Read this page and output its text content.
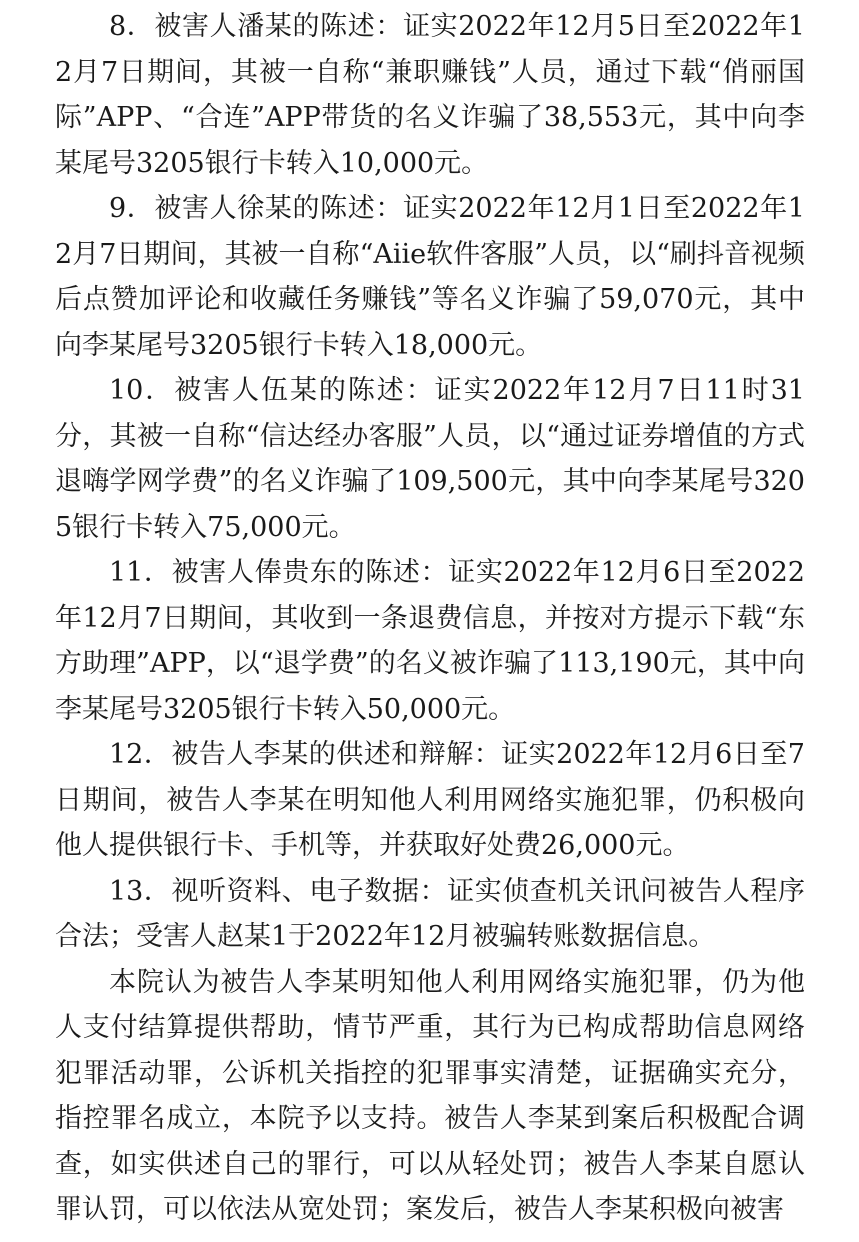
8．被害人潘某的陈述：证实2022年12月5日至2022年12月7日期间，其被一自称“兼职赚钱”人员，通过下载“俏丽国际”APP、“合连”APP带货的名义诈骗了38,553元，其中向李某尾号3205银行卡转入10,000元。

9．被害人徐某的陈述：证实2022年12月1日至2022年12月7日期间，其被一自称“Aiie软件客服”人员，以“刷抖音视频后点赞加评论和收藏任务赚钱”等名义诈骗了59,070元，其中向李某尾号3205银行卡转入18,000元。

10．被害人伍某的陈述：证实2022年12月7日11时31分，其被一自称“信达经办客服”人员，以“通过证券增值的方式退嗨学网学费”的名义诈骗了109,500元，其中向李某尾号3205银行卡转入75,000元。

11．被害人俸贵东的陈述：证实2022年12月6日至2022年12月7日期间，其收到一条退费信息，并按对方提示下载“东方助理”APP，以“退学费”的名义被诈骗了113,190元，其中向李某尾号3205银行卡转入50,000元。

12．被告人李某的供述和辩解：证实2022年12月6日至7日期间，被告人李某在明知他人利用网络实施犯罪，仍积极向他人提供银行卡、手机等，并获取好处费26,000元。

13．视听资料、电子数据：证实侦查机关讯问被告人程序合法；受害人赵某1于2022年12月被骗转账数据信息。

本院认为被告人李某明知他人利用网络实施犯罪，仍为他人支付结算提供帮助，情节严重，其行为已构成帮助信息网络犯罪活动罪，公诉机关指控的犯罪事实清楚，证据确实充分，指控罪名成立，本院予以支持。被告人李某到案后积极配合调查，如实供述自己的罪行，可以从轻处罚；被告人李某自愿认罪认罚，可以依法从宽处罚；案发后，被告人李某积极向被害
